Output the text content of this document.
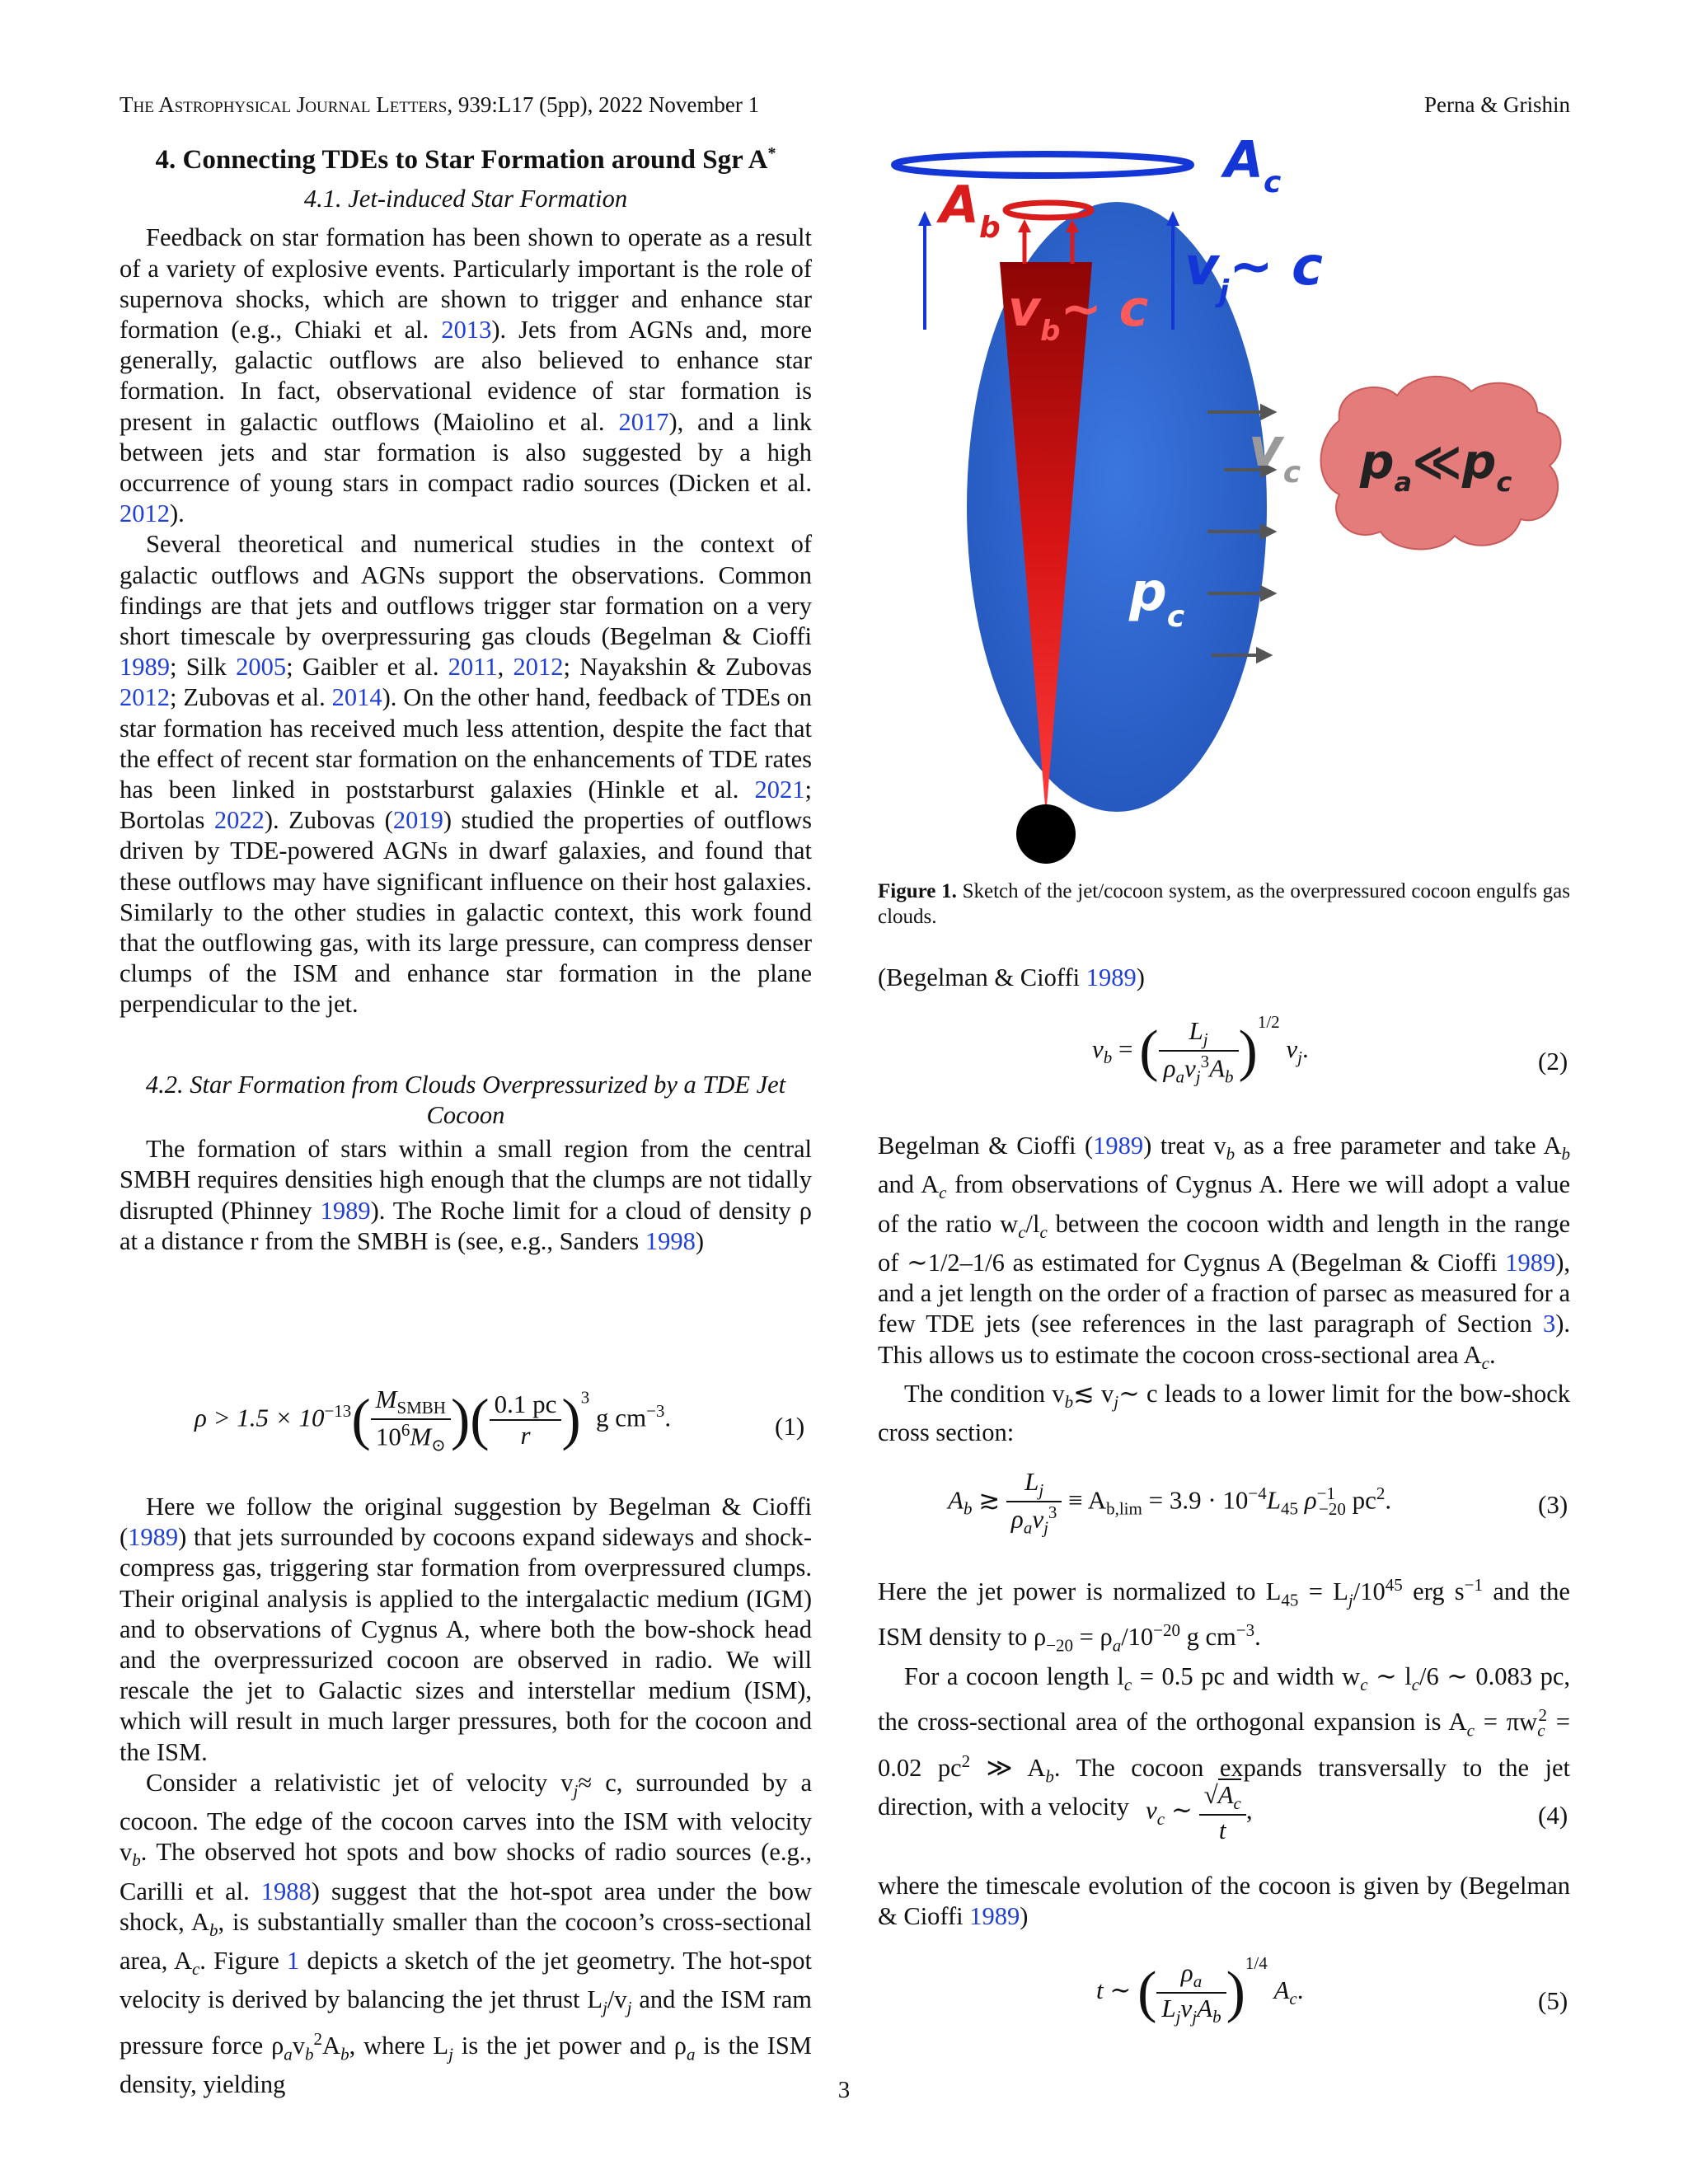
The Astrophysical Journal Letters, 939:L17 (5pp), 2022 November 1	Perna & Grishin
4. Connecting TDEs to Star Formation around Sgr A*
4.1. Jet-induced Star Formation

Feedback on star formation has been shown to operate as a result of a variety of explosive events. Particularly important is the role of supernova shocks, which are shown to trigger and enhance star formation (e.g., Chiaki et al. 2013). Jets from AGNs and, more generally, galactic outflows are also believed to enhance star formation. In fact, observational evidence of star formation is present in galactic outflows (Maiolino et al. 2017), and a link between jets and star formation is also suggested by a high occurrence of young stars in compact radio sources (Dicken et al. 2012).

Several theoretical and numerical studies in the context of galactic outflows and AGNs support the observations. Common findings are that jets and outflows trigger star formation on a very short timescale by overpressuring gas clouds (Begelman & Cioffi 1989; Silk 2005; Gaibler et al. 2011, 2012; Nayakshin & Zubovas 2012; Zubovas et al. 2014). On the other hand, feedback of TDEs on star formation has received much less attention, despite the fact that the effect of recent star formation on the enhancements of TDE rates has been linked in poststarburst galaxies (Hinkle et al. 2021; Bortolas 2022). Zubovas (2019) studied the properties of outflows driven by TDE-powered AGNs in dwarf galaxies, and found that these outflows may have significant influence on their host galaxies. Similarly to the other studies in galactic context, this work found that the outflowing gas, with its large pressure, can compress denser clumps of the ISM and enhance star formation in the plane perpendicular to the jet.

4.2. Star Formation from Clouds Overpressurized by a TDE Jet Cocoon

The formation of stars within a small region from the central SMBH requires densities high enough that the clumps are not tidally disrupted (Phinney 1989). The Roche limit for a cloud of density ρ at a distance r from the SMBH is (see, e.g., Sanders 1998)

$\rho > 1.5 \times 10^{-13}( \frac{M_{SMBH}}{10^6M_⊙}$ )( $\frac{0.1 pc}{r} )^3$ g $cm^{-3}$.	(1)

Here we follow the original suggestion by Begelman & Cioffi (1989) that jets surrounded by cocoons expand sideways and shock-compress gas, triggering star formation from overpressured clumps. Their original analysis is applied to the intergalactic medium (IGM) and to observations of Cygnus A, where both the bow-shock head and the overpressurized cocoon are observed in radio. We will rescale the jet to Galactic sizes and interstellar medium (ISM), which will result in much larger pressures, both for the cocoon and the ISM.

Consider a relativistic jet of velocity $v_j\approx c$, surrounded by a cocoon. The edge of the cocoon carves into the ISM with velocity $v_b$. The observed hot spots and bow shocks of radio sources (e.g., Carilli et al. 1988) suggest that the hot-spot area under the bow shock, $A_b$, is substantially smaller than the cocoon’s cross-sectional area, $A_c$. Figure 1 depicts a sketch of the jet geometry. The hot-spot velocity is derived by balancing the jet thrust $L_j/v_j$ and the ISM ram pressure force $\rho_av_b^2A_b$, where $L_j$ is the jet power and $\rho_a$ is the ISM density, yielding

$A_c$
$A_b$
$v_j\sim$ c
$v_b\sim$ c
$v_c$
$p_c$
$p_a≪p_c$
Figure 1. Sketch of the jet/cocoon system, as the overpressured cocoon engulfs gas clouds.

(Begelman & Cioffi 1989)

$v_b$ = ( $\frac{L_j}{\rho_av_j^3A_b} )^{1/2}$ $v_j$.	(2)

Begelman & Cioffi (1989) treat $v_b$ as a free parameter and take $A_b$ and $A_c$ from observations of Cygnus A. Here we will adopt a value of the ratio $w_c/l_c$ between the cocoon width and length in the range of ∼1/2–1/6 as estimated for Cygnus A (Begelman & Cioffi 1989), and a jet length on the order of a fraction of parsec as measured for a few TDE jets (see references in the last paragraph of Section 3). This allows us to estimate the cocoon cross-sectional area $A_c$.

The condition $v_b≲$ $v_j\sim$ c leads to a lower limit for the bow-shock cross section:

$A_b$ ≳ $\frac{L_j}{\rho_av_j^3} \equiv A_{b,lim} = 3.9 \cdot 10^{-4}L_{45}$ $\rho^{-1}_{-20}$ $pc^2$.	(3)

Here the jet power is normalized to $L_{45} = L_j/10^{45}$ erg $s^{-1}$ and the ISM density to $\rho_{-20} = \rho_a/10^{-20}$ g $cm^{-3}$.

For a cocoon length $l_c = 0.5$ pc and width $w_c$ ∼ $l_c/6$ ∼ 0.083 pc, the cross-sectional area of the orthogonal expansion is $A_c = \pi w_c^2 = 0.02$ $pc^2$ ≫ $A_b$. The cocoon expands transversally to the jet direction, with a velocity $v_c$ ∼ $\frac{√A_c}{t}$ ,	(4)

where the timescale evolution of the cocoon is given by (Begelman & Cioffi 1989)

t ∼ ( $\frac{\rho_a}{L_jv_jA_b} )^{1/4}$ $A_c$.	(5)
3
